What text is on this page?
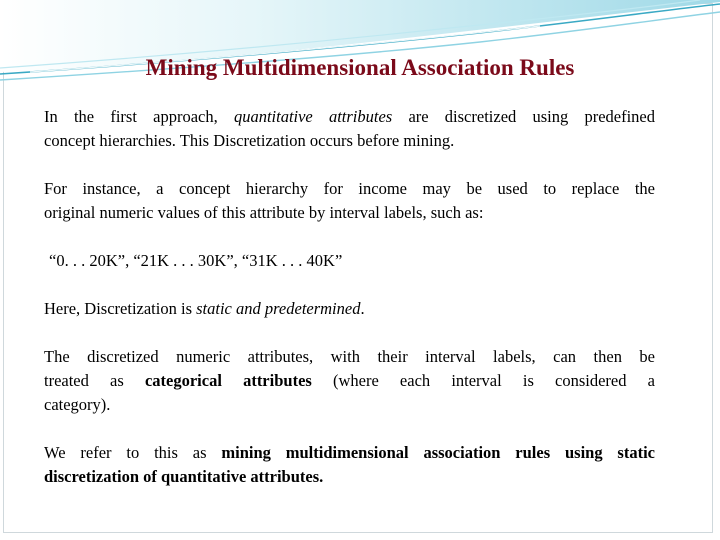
Mining Multidimensional Association Rules

In the first approach, quantitative attributes are discretized using predefined
concept hierarchies. This Discretization occurs before mining.

For instance, a concept hierarchy for income may be used to replace the
original numeric values of this attribute by interval labels, such as:

“0. . . 20K”, “21K . . . 30K”, “31K . . . 40K”

Here, Discretization is static and predetermined.

The discretized numeric attributes, with their interval labels, can then be
treated as categorical attributes (where each interval is considered a
category).

We refer to this as mining multidimensional association rules using static
discretization of quantitative attributes.
